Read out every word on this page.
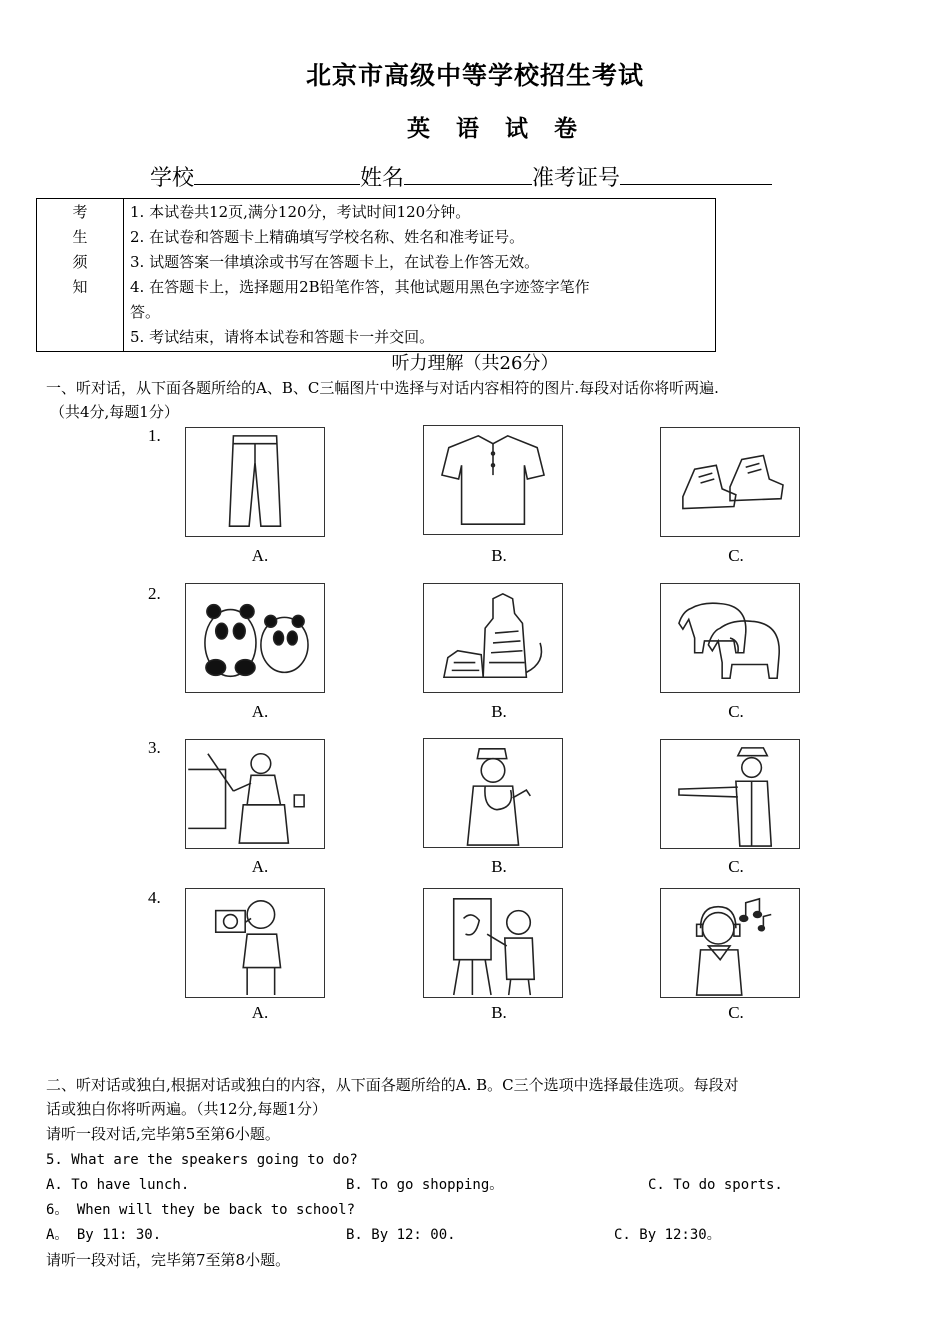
北京市高级中等学校招生考试
英语试卷
学校	姓名	准考证号
考
生
须
知

1. 本试卷共12页,满分120分，考试时间120分钟。
2. 在试卷和答题卡上精确填写学校名称、姓名和准考证号。
3. 试题答案一律填涂或书写在答题卡上，在试卷上作答无效。
4. 在答题卡上，选择题用2B铅笔作答，其他试题用黑色字迹签字笔作
答。
5. 考试结束，请将本试卷和答题卡一并交回。
听力理解（共26分）
一、听对话，从下面各题所给的A、B、C三幅图片中选择与对话内容相符的图片.每段对话你将听两遍.
（共4分,每题1分）
1.
2.
3.
4.
A.	B.	C.
A.	B.	C.
A.	B.	C.
A.	B.	C.
二、听对话或独白,根据对话或独白的内容，从下面各题所给的A. B。C三个选项中选择最佳选项。每段对
话或独白你将听两遍。（共12分,每题1分）
请听一段对话,完毕第5至第6小题。
5. What are the speakers going to do?
A. To have lunch.	B. To go shopping。	C. To do sports.
6。 When will they be back to school?
A。 By 11: 30.	B. By 12: 00.	C. By 12:30。
请听一段对话，完毕第7至第8小题。
